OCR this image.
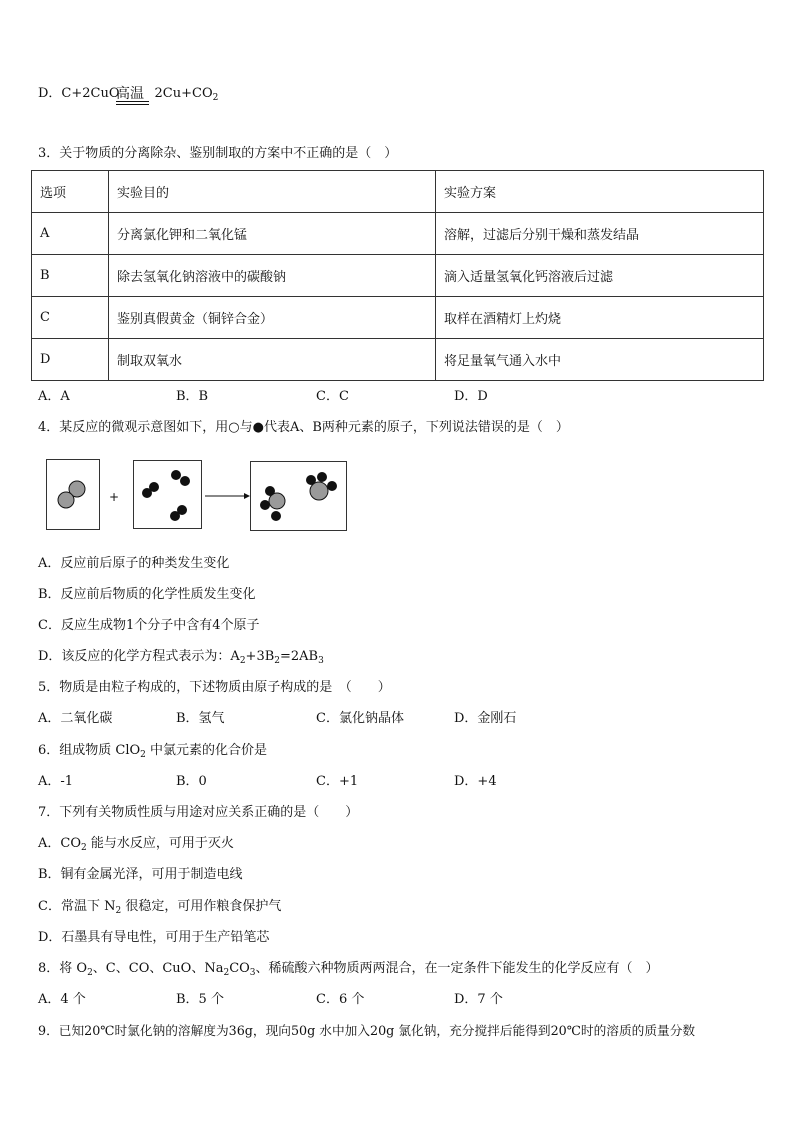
D．C+2CuO	$2Cu+CO_2$
高温
3．关于物质的分离除杂、鉴别制取的方案中不正确的是（　）
选项	实验目的	实验方案
A	分离氯化钾和二氧化锰	溶解，过滤后分别干燥和蒸发结晶
B	除去氢氧化钠溶液中的碳酸钠	滴入适量氢氧化钙溶液后过滤
C	鉴别真假黄金（铜锌合金）	取样在酒精灯上灼烧
D	制取双氧水	将足量氧气通入水中
A．A	B．B	C．C	D．D
4．某反应的微观示意图如下，用○与●代表A、B两种元素的原子，下列说法错误的是（　）
+
A．反应前后原子的种类发生变化
B．反应前后物质的化学性质发生变化
C．反应生成物1个分子中含有4个原子
D．该反应的化学方程式表示为：$A_2+3B_2=2AB_3$
5．物质是由粒子构成的，下述物质由原子构成的是　（　　）
A．二氧化碳	B．氢气	C．氯化钠晶体	D．金刚石
6．组成物质 ClO$_2$ 中氯元素的化合价是
A．-1	B．0	C．+1	D．+4
7．下列有关物质性质与用途对应关系正确的是（　　）
A．$CO_2$ 能与水反应，可用于灭火
B．铜有金属光泽，可用于制造电线
C．常温下 $N_2$ 很稳定，可用作粮食保护气
D．石墨具有导电性，可用于生产铅笔芯
8．将 $O_2$、C、CO、CuO、$Na_2CO_3$、稀硫酸六种物质两两混合，在一定条件下能发生的化学反应有（　）
A．4 个	B．5 个	C．6 个	D．7 个
9．已知20℃时氯化钠的溶解度为36g，现向50g 水中加入20g 氯化钠，充分搅拌后能得到20℃时的溶质的质量分数
